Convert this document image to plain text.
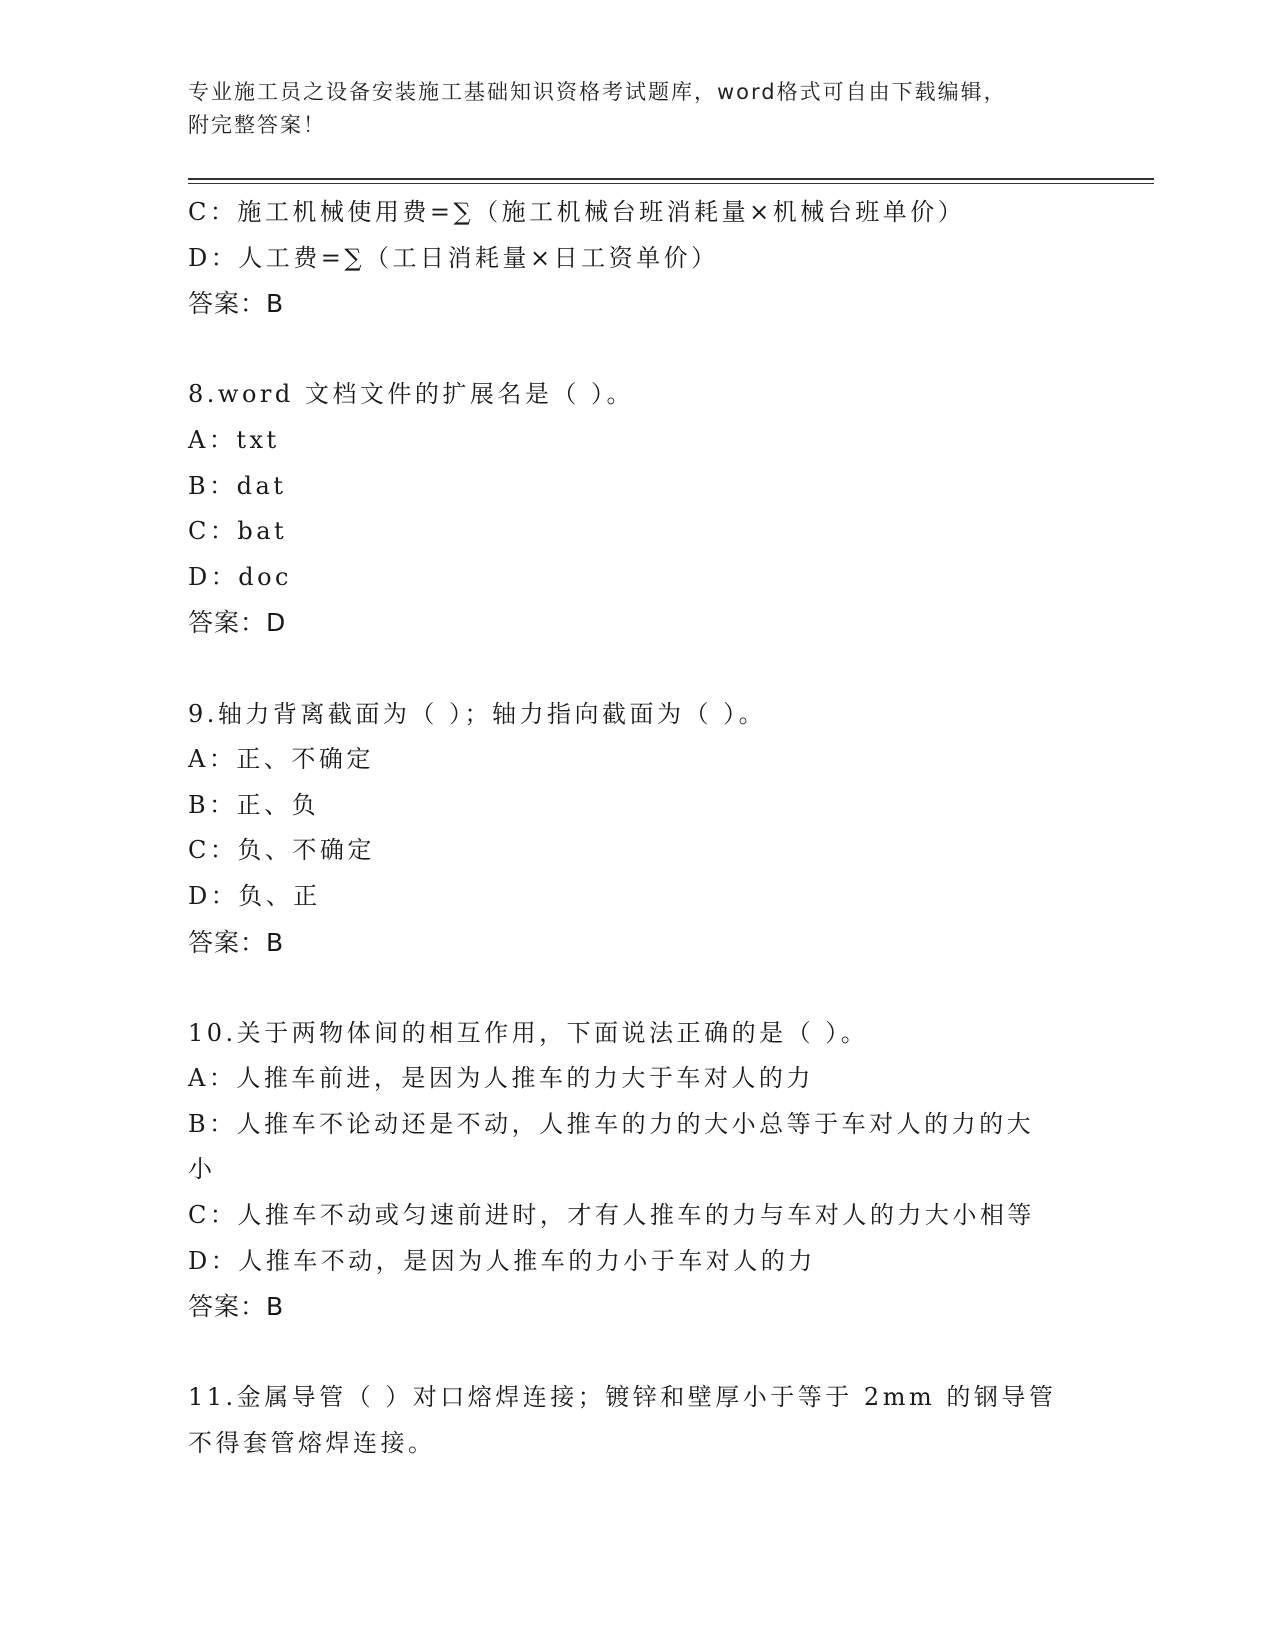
专业施工员之设备安装施工基础知识资格考试题库，word格式可自由下载编辑，
附完整答案！
C：施工机械使用费=∑（施工机械台班消耗量×机械台班单价）
D：人工费=∑（工日消耗量×日工资单价）
答案：B
8.word 文档文件的扩展名是（ ）。
A：txt
B：dat
C：bat
D：doc
答案：D
9.轴力背离截面为（ ）；轴力指向截面为（ ）。
A：正、不确定
B：正、负
C：负、不确定
D：负、正
答案：B
10.关于两物体间的相互作用，下面说法正确的是（ ）。
A：人推车前进，是因为人推车的力大于车对人的力
B：人推车不论动还是不动，人推车的力的大小总等于车对人的力的大
小
C：人推车不动或匀速前进时，才有人推车的力与车对人的力大小相等
D：人推车不动，是因为人推车的力小于车对人的力
答案：B
11.金属导管（ ）对口熔焊连接；镀锌和壁厚小于等于 2mm 的钢导管
不得套管熔焊连接。
